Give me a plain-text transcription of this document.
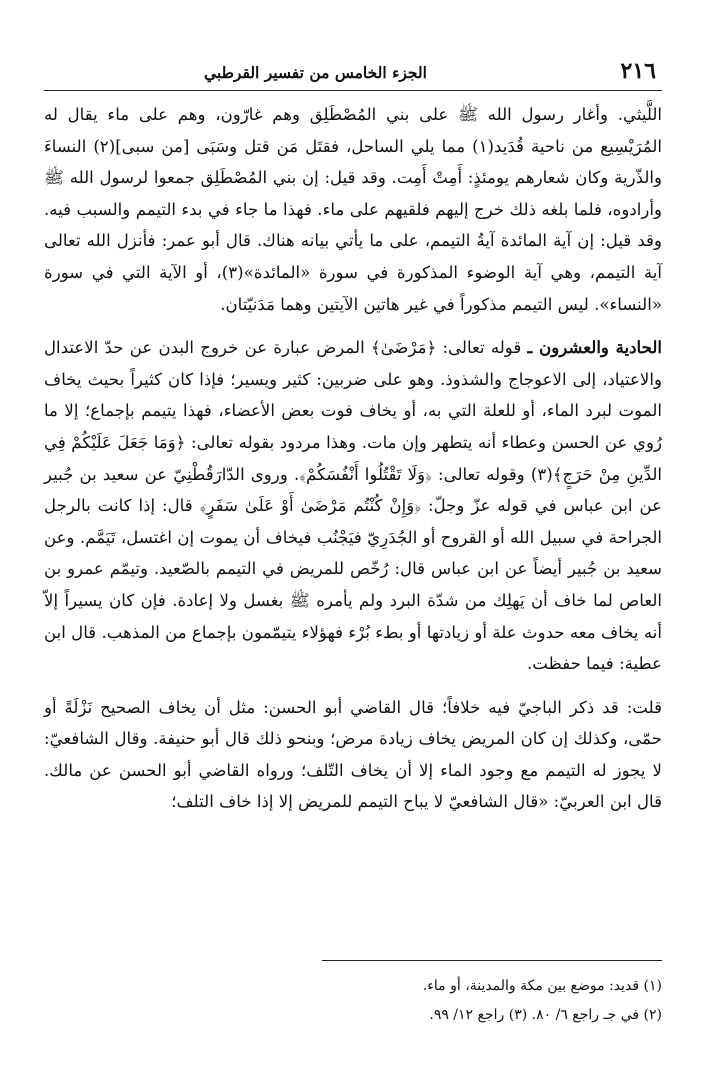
٢١٦
الجزء الخامس من تفسير القرطبي

اللَّيثي. وأغار رسول الله ﷺ على بني المُصْطَلِق وهم غارّون، وهم على ماء يقال له المُرَيْسِيع من ناحية قُدَيد(١) مما يلي الساحل، فقتَل مَن قتل وسَبَى [من سبى](٢) النساءَ والذّرية وكان شعارهم يومئذٍ: أَمِتْ أَمِت. وقد قيل: إن بني المُصْطَلِق جمعوا لرسول الله ﷺ وأرادوه، فلما بلغه ذلك خرج إليهم فلقيهم على ماء. فهذا ما جاء في بدء التيمم والسبب فيه. وقد قيل: إن آية المائدة آيةُ التيمم، على ما يأتي بيانه هناك. قال أبو عمر: فأنزل الله تعالى آية التيمم، وهي آية الوضوء المذكورة في سورة «المائدة»(٣)، أو الآية التي في سورة «النساء». ليس التيمم مذكوراً في غير هاتين الآيتين وهما مَدَنيّتان.

الحادية والعشرون ـ قوله تعالى: ﴿مَرْضَىٰ﴾ المرض عبارة عن خروج البدن عن حدّ الاعتدال والاعتياد، إلى الاعوجاج والشذوذ. وهو على ضربين: كثير ويسير؛ فإذا كان كثيراً بحيث يخاف الموت لبرد الماء، أو للعلة التي به، أو يخاف فوت بعض الأعضاء، فهذا يتيمم بإجماع؛ إلا ما رُوي عن الحسن وعطاء أنه يتطهر وإن مات. وهذا مردود بقوله تعالى: ﴿وَمَا جَعَلَ عَلَيْكُمْ فِي الدِّينِ مِنْ حَرَجٍ﴾(٣) وقوله تعالى: ﴿وَلَا تَقْتُلُوا أَنْفُسَكُمْ﴾. وروى الدّارَقُطْنِيّ عن سعيد بن جُبير عن ابن عباس في قوله عزّ وجلّ: ﴿وَإِنْ كُنْتُم مَرْضَىٰ أَوْ عَلَىٰ سَفَرٍ﴾ قال: إذا كانت بالرجل الجراحة في سبيل الله أو القروح أو الجُدَرِيّ فيَجْنُب فيخاف أن يموت إن اغتسل، تَيَمَّم. وعن سعيد بن جُبير أيضاً عن ابن عباس قال: رُخّص للمريض في التيمم بالصّعيد. وتيمّم عمرو بن العاص لما خاف أن يَهلِك من شدّة البرد ولم يأمره ﷺ بغسل ولا إعادة. فإن كان يسيراً إلاّ أنه يخاف معه حدوث علة أو زيادتها أو بطء بُرْء فهؤلاء يتيمّمون بإجماع من المذهب. قال ابن عطية: فيما حفظت.

قلت: قد ذكر الباجيّ فيه خلافاً؛ قال القاضي أبو الحسن: مثل أن يخاف الصحيح نَزْلَةً أو حمّى، وكذلك إن كان المريض يخاف زيادة مرض؛ وبنحو ذلك قال أبو حنيفة. وقال الشافعيّ: لا يجوز له التيمم مع وجود الماء إلا أن يخاف التّلف؛ ورواه القاضي أبو الحسن عن مالك. قال ابن العربيّ: «قال الشافعيّ لا يباح التيمم للمريض إلا إذا خاف التلف؛

(١) قديد: موضع بين مكة والمدينة، أو ماء.

(٢) في جـ راجع ٦/ ٨٠. (٣) راجع ١٢/ ٩٩.
